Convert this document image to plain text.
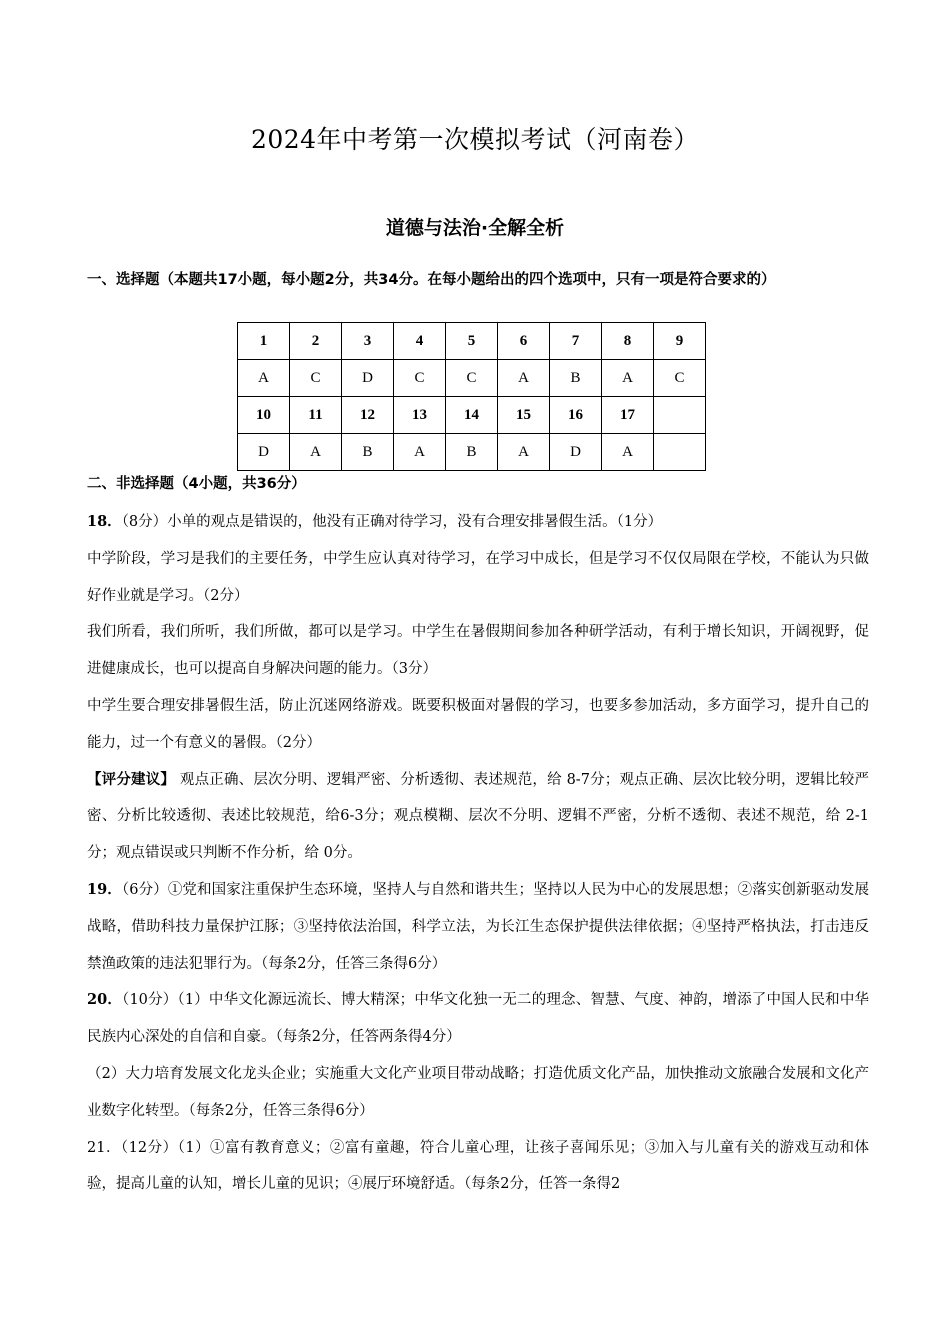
2024年中考第一次模拟考试（河南卷）
道德与法治·全解全析
一、选择题（本题共17小题，每小题2分，共34分。在每小题给出的四个选项中，只有一项是符合要求的）
1	2	3	4	5	6	7	8	9
A	C	D	C	C	A	B	A	C
10	11	12	13	14	15	16	17	
D	A	B	A	B	A	D	A	
二、非选择题（4小题，共36分）

18．（8分）小单的观点是错误的，他没有正确对待学习，没有合理安排暑假生活。（1分）

中学阶段，学习是我们的主要任务，中学生应认真对待学习，在学习中成长，但是学习不仅仅局限在学校，不能认为只做好作业就是学习。（2分）

我们所看，我们所听，我们所做，都可以是学习。中学生在暑假期间参加各种研学活动，有利于增长知识，开阔视野，促进健康成长，也可以提高自身解决问题的能力。（3分）

中学生要合理安排暑假生活，防止沉迷网络游戏。既要积极面对暑假的学习，也要多参加活动，多方面学习，提升自己的能力，过一个有意义的暑假。（2分）

【评分建议】 观点正确、层次分明、逻辑严密、分析透彻、表述规范，给 8-7分；观点正确、层次比较分明，逻辑比较严密、分析比较透彻、表述比较规范，给6-3分；观点模糊、层次不分明、逻辑不严密，分析不透彻、表述不规范，给 2-1分；观点错误或只判断不作分析，给 0分。

19．（6分）①党和国家注重保护生态环境，坚持人与自然和谐共生；坚持以人民为中心的发展思想；②落实创新驱动发展战略，借助科技力量保护江豚；③坚持依法治国，科学立法，为长江生态保护提供法律依据；④坚持严格执法，打击违反禁渔政策的违法犯罪行为。（每条2分，任答三条得6分）

20．（10分）（1）中华文化源远流长、博大精深；中华文化独一无二的理念、智慧、气度、神韵，增添了中国人民和中华民族内心深处的自信和自豪。（每条2分，任答两条得4分）

（2）大力培育发展文化龙头企业；实施重大文化产业项目带动战略；打造优质文化产品，加快推动文旅融合发展和文化产业数字化转型。（每条2分，任答三条得6分）

21．（12分）（1）①富有教育意义；②富有童趣，符合儿童心理，让孩子喜闻乐见；③加入与儿童有关的游戏互动和体验，提高儿童的认知，增长儿童的见识；④展厅环境舒适。（每条2分，任答一条得2
